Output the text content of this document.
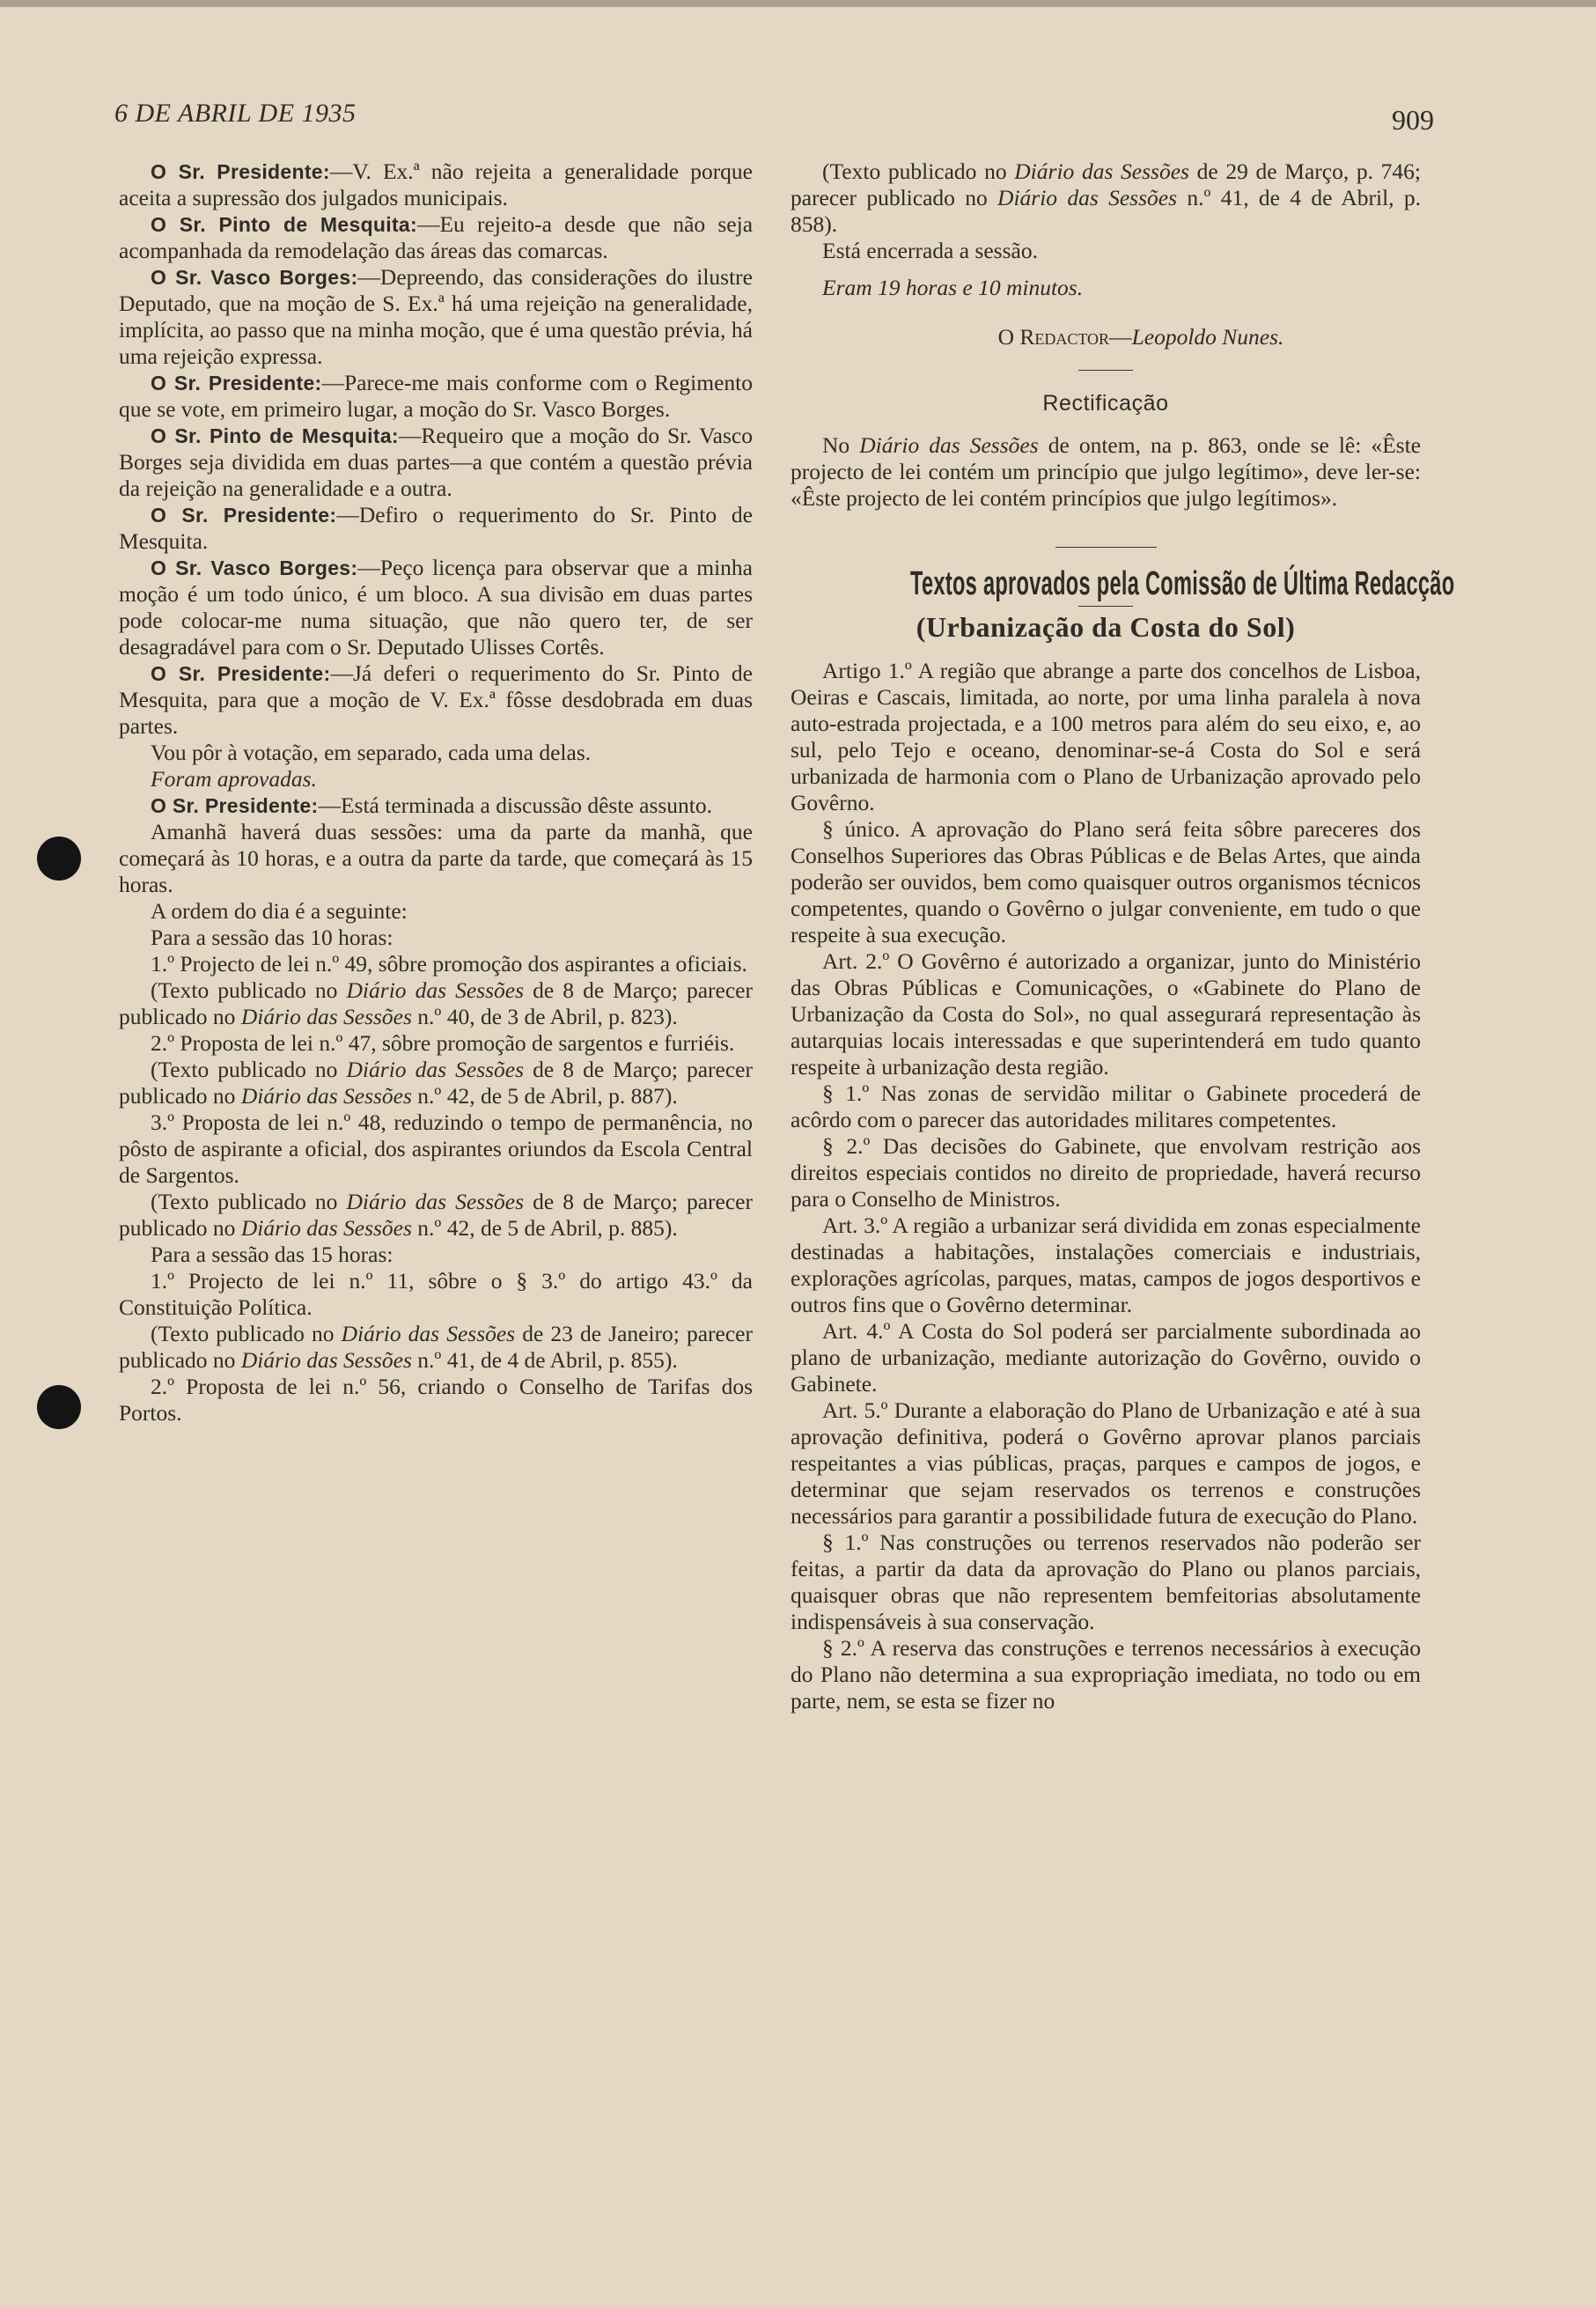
6 DE ABRIL DE 1935	909

O Sr. Presidente:—V. Ex.ª não rejeita a generalidade porque aceita a supressão dos julgados municipais.

O Sr. Pinto de Mesquita:—Eu rejeito-a desde que não seja acompanhada da remodelação das áreas das comarcas.

O Sr. Vasco Borges:—Depreendo, das considerações do ilustre Deputado, que na moção de S. Ex.ª há uma rejeição na generalidade, implícita, ao passo que na minha moção, que é uma questão prévia, há uma rejeição expressa.

O Sr. Presidente:—Parece-me mais conforme com o Regimento que se vote, em primeiro lugar, a moção do Sr. Vasco Borges.

O Sr. Pinto de Mesquita:—Requeiro que a moção do Sr. Vasco Borges seja dividida em duas partes—a que contém a questão prévia da rejeição na generalidade e a outra.

O Sr. Presidente:—Defiro o requerimento do Sr. Pinto de Mesquita.

O Sr. Vasco Borges:—Peço licença para observar que a minha moção é um todo único, é um bloco. A sua divisão em duas partes pode colocar-me numa situação, que não quero ter, de ser desagradável para com o Sr. Deputado Ulisses Cortês.

O Sr. Presidente:—Já deferi o requerimento do Sr. Pinto de Mesquita, para que a moção de V. Ex.ª fôsse desdobrada em duas partes.

Vou pôr à votação, em separado, cada uma delas.

Foram aprovadas.

O Sr. Presidente:—Está terminada a discussão dêste assunto.

Amanhã haverá duas sessões: uma da parte da manhã, que começará às 10 horas, e a outra da parte da tarde, que começará às 15 horas.

A ordem do dia é a seguinte:

Para a sessão das 10 horas:

1.º Projecto de lei n.º 49, sôbre promoção dos aspirantes a oficiais.

(Texto publicado no Diário das Sessões de 8 de Março; parecer publicado no Diário das Sessões n.º 40, de 3 de Abril, p. 823).

2.º Proposta de lei n.º 47, sôbre promoção de sargentos e furriéis.

(Texto publicado no Diário das Sessões de 8 de Março; parecer publicado no Diário das Sessões n.º 42, de 5 de Abril, p. 887).

3.º Proposta de lei n.º 48, reduzindo o tempo de permanência, no pôsto de aspirante a oficial, dos aspirantes oriundos da Escola Central de Sargentos.

(Texto publicado no Diário das Sessões de 8 de Março; parecer publicado no Diário das Sessões n.º 42, de 5 de Abril, p. 885).

Para a sessão das 15 horas:

1.º Projecto de lei n.º 11, sôbre o § 3.º do artigo 43.º da Constituição Política.

(Texto publicado no Diário das Sessões de 23 de Janeiro; parecer publicado no Diário das Sessões n.º 41, de 4 de Abril, p. 855).

2.º Proposta de lei n.º 56, criando o Conselho de Tarifas dos Portos.

(Texto publicado no Diário das Sessões de 29 de Março, p. 746; parecer publicado no Diário das Sessões n.º 41, de 4 de Abril, p. 858).

Está encerrada a sessão.

Eram 19 horas e 10 minutos.

O Redactor—Leopoldo Nunes.

Rectificação

No Diário das Sessões de ontem, na p. 863, onde se lê: «Êste projecto de lei contém um princípio que julgo legítimo», deve ler-se: «Êste projecto de lei contém princípios que julgo legítimos».

Textos aprovados pela Comissão de Última Redacção
(Urbanização da Costa do Sol)

Artigo 1.º A região que abrange a parte dos concelhos de Lisboa, Oeiras e Cascais, limitada, ao norte, por uma linha paralela à nova auto-estrada projectada, e a 100 metros para além do seu eixo, e, ao sul, pelo Tejo e oceano, denominar-se-á Costa do Sol e será urbanizada de harmonia com o Plano de Urbanização aprovado pelo Govêrno.

§ único. A aprovação do Plano será feita sôbre pareceres dos Conselhos Superiores das Obras Públicas e de Belas Artes, que ainda poderão ser ouvidos, bem como quaisquer outros organismos técnicos competentes, quando o Govêrno o julgar conveniente, em tudo o que respeite à sua execução.

Art. 2.º O Govêrno é autorizado a organizar, junto do Ministério das Obras Públicas e Comunicações, o «Gabinete do Plano de Urbanização da Costa do Sol», no qual assegurará representação às autarquias locais interessadas e que superintenderá em tudo quanto respeite à urbanização desta região.

§ 1.º Nas zonas de servidão militar o Gabinete procederá de acôrdo com o parecer das autoridades militares competentes.

§ 2.º Das decisões do Gabinete, que envolvam restrição aos direitos especiais contidos no direito de propriedade, haverá recurso para o Conselho de Ministros.

Art. 3.º A região a urbanizar será dividida em zonas especialmente destinadas a habitações, instalações comerciais e industriais, explorações agrícolas, parques, matas, campos de jogos desportivos e outros fins que o Govêrno determinar.

Art. 4.º A Costa do Sol poderá ser parcialmente subordinada ao plano de urbanização, mediante autorização do Govêrno, ouvido o Gabinete.

Art. 5.º Durante a elaboração do Plano de Urbanização e até à sua aprovação definitiva, poderá o Govêrno aprovar planos parciais respeitantes a vias públicas, praças, parques e campos de jogos, e determinar que sejam reservados os terrenos e construções necessários para garantir a possibilidade futura de execução do Plano.

§ 1.º Nas construções ou terrenos reservados não poderão ser feitas, a partir da data da aprovação do Plano ou planos parciais, quaisquer obras que não representem bemfeitorias absolutamente indispensáveis à sua conservação.

§ 2.º A reserva das construções e terrenos necessários à execução do Plano não determina a sua expropriação imediata, no todo ou em parte, nem, se esta se fizer no
